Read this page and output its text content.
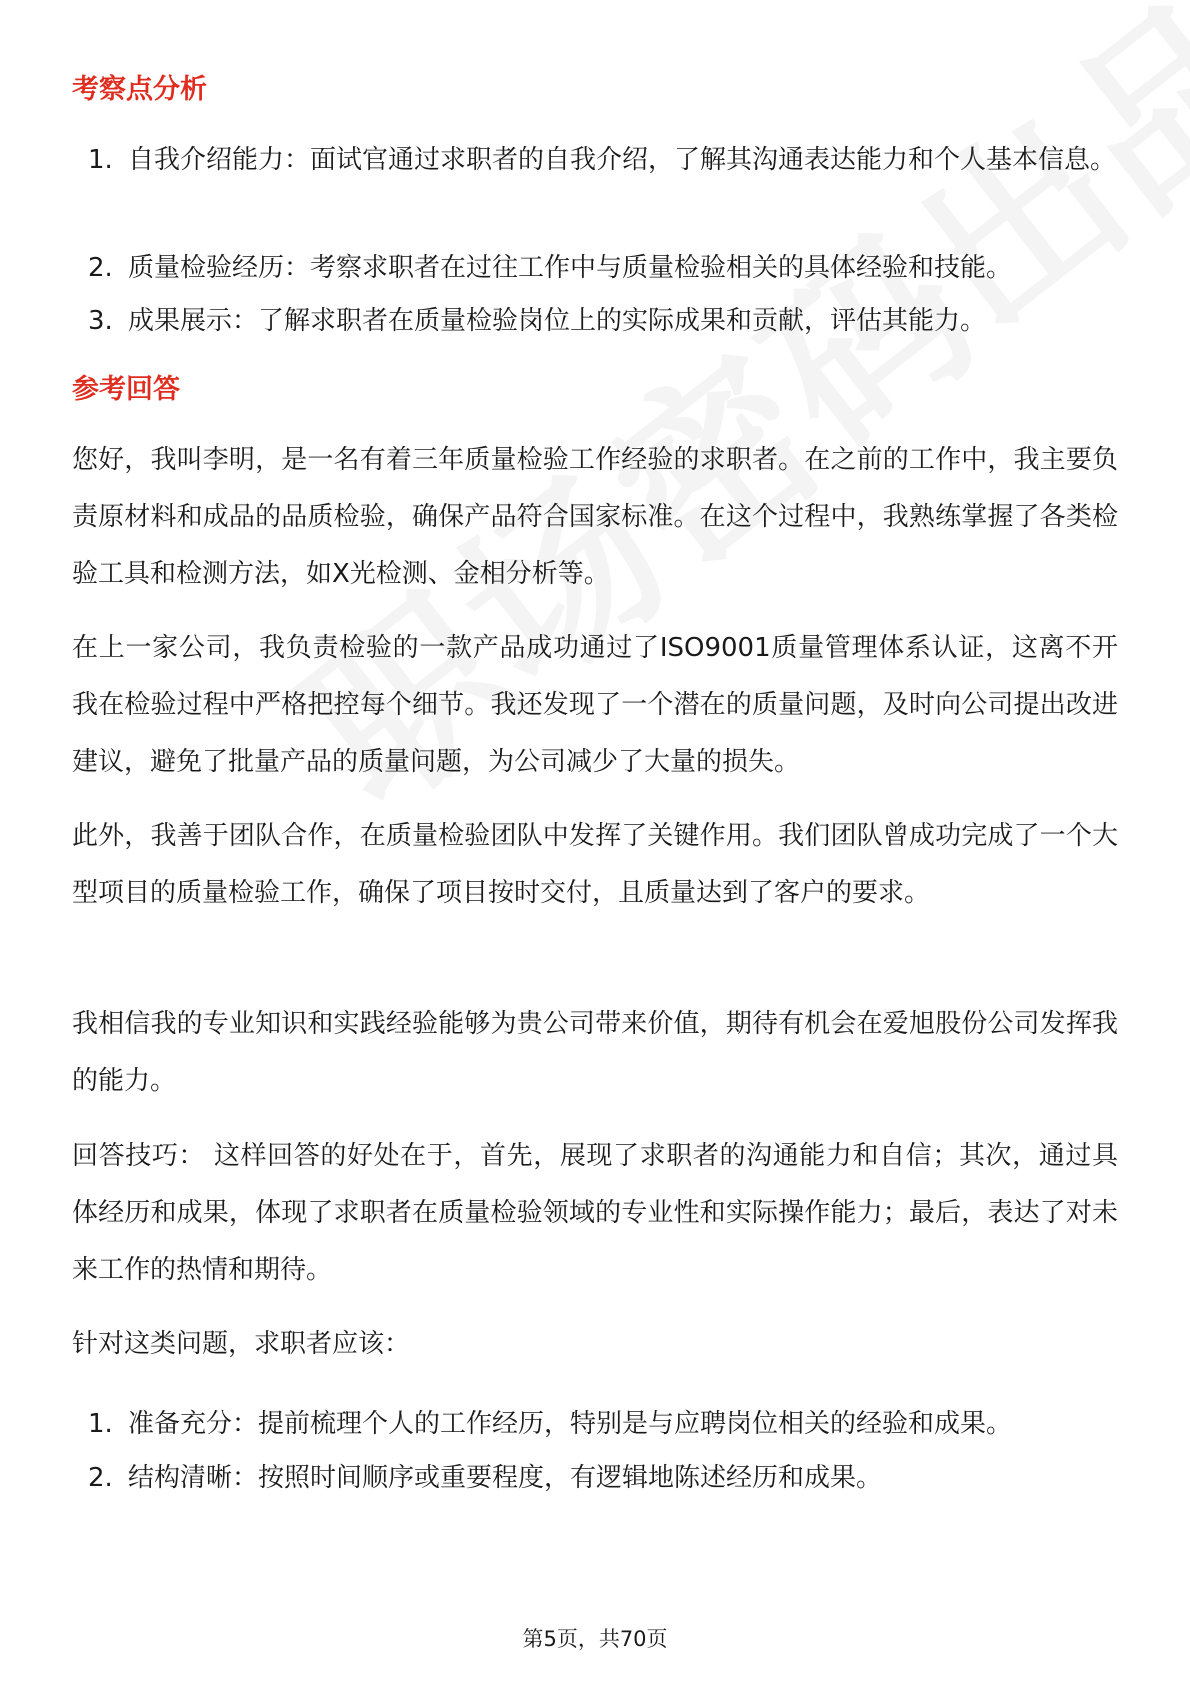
考察点分析
1. 自我介绍能力：面试官通过求职者的自我介绍，了解其沟通表达能力和个人基本信息。
2. 质量检验经历：考察求职者在过往工作中与质量检验相关的具体经验和技能。
3. 成果展示：了解求职者在质量检验岗位上的实际成果和贡献，评估其能力。
参考回答

您好，我叫李明，是一名有着三年质量检验工作经验的求职者。在之前的工作中，我主要负责原材料和成品的品质检验，确保产品符合国家标准。在这个过程中，我熟练掌握了各类检验工具和检测方法，如X光检测、金相分析等。

在上一家公司，我负责检验的一款产品成功通过了ISO9001质量管理体系认证，这离不开我在检验过程中严格把控每个细节。我还发现了一个潜在的质量问题，及时向公司提出改进建议，避免了批量产品的质量问题，为公司减少了大量的损失。

此外，我善于团队合作，在质量检验团队中发挥了关键作用。我们团队曾成功完成了一个大型项目的质量检验工作，确保了项目按时交付，且质量达到了客户的要求。

我相信我的专业知识和实践经验能够为贵公司带来价值，期待有机会在爱旭股份公司发挥我的能力。

回答技巧： 这样回答的好处在于，首先，展现了求职者的沟通能力和自信；其次，通过具体经历和成果，体现了求职者在质量检验领域的专业性和实际操作能力；最后，表达了对未来工作的热情和期待。

针对这类问题，求职者应该：

1. 准备充分：提前梳理个人的工作经历，特别是与应聘岗位相关的经验和成果。
2. 结构清晰：按照时间顺序或重要程度，有逻辑地陈述经历和成果。
第5页，共70页
